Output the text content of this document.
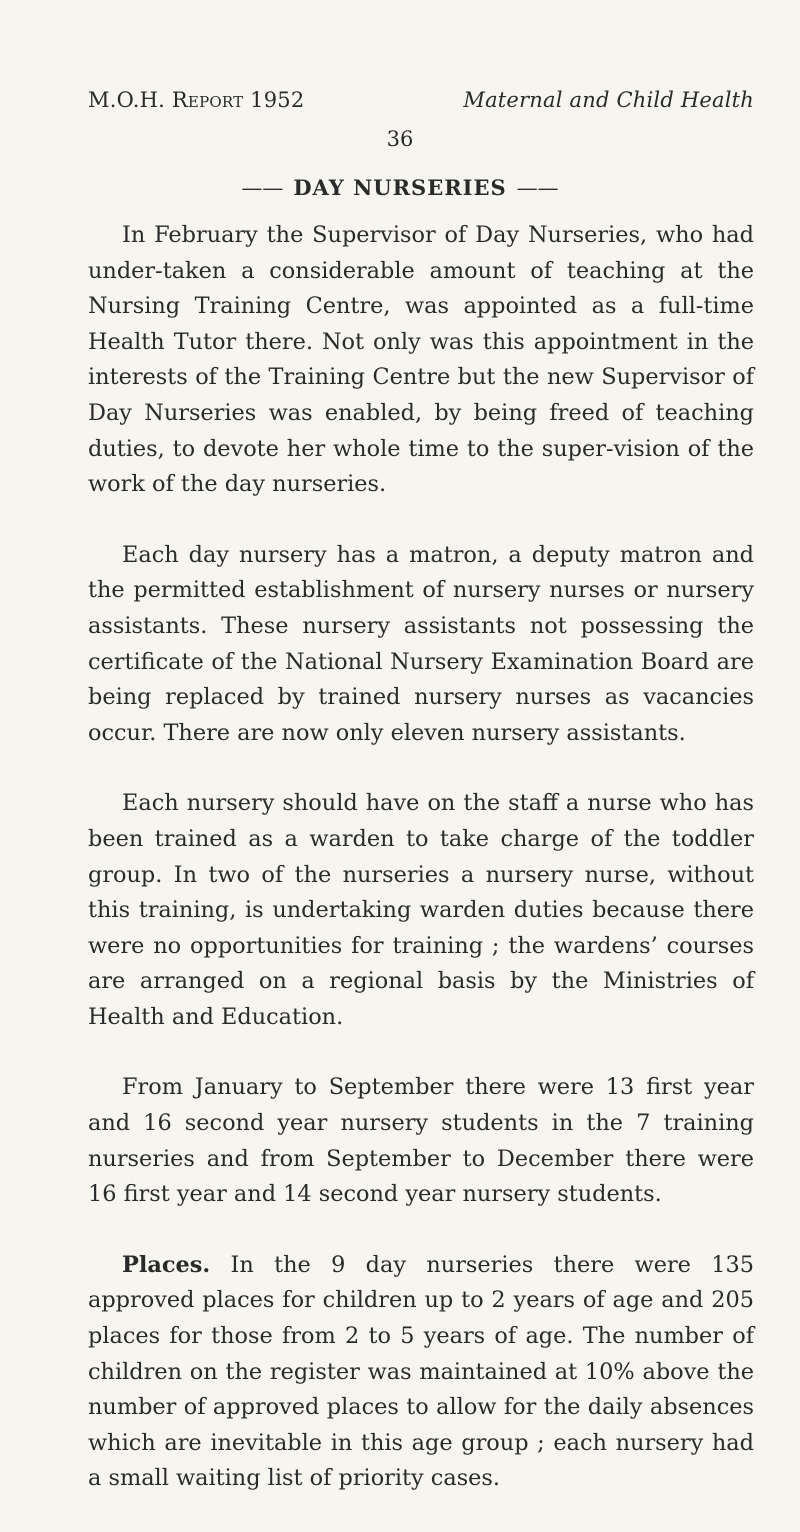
M.O.H. Report 1952	Maternal and Child Health
36
—— DAY NURSERIES ——

In February the Supervisor of Day Nurseries, who had under-taken a considerable amount of teaching at the Nursing Training Centre, was appointed as a full-time Health Tutor there. Not only was this appointment in the interests of the Training Centre but the new Supervisor of Day Nurseries was enabled, by being freed of teaching duties, to devote her whole time to the super-vision of the work of the day nurseries.

Each day nursery has a matron, a deputy matron and the permitted establishment of nursery nurses or nursery assistants. These nursery assistants not possessing the certificate of the National Nursery Examination Board are being replaced by trained nursery nurses as vacancies occur. There are now only eleven nursery assistants.

Each nursery should have on the staff a nurse who has been trained as a warden to take charge of the toddler group. In two of the nurseries a nursery nurse, without this training, is undertaking warden duties because there were no opportunities for training ; the wardens’ courses are arranged on a regional basis by the Ministries of Health and Education.

From January to September there were 13 first year and 16 second year nursery students in the 7 training nurseries and from September to December there were 16 first year and 14 second year nursery students.

Places. In the 9 day nurseries there were 135 approved places for children up to 2 years of age and 205 places for those from 2 to 5 years of age. The number of children on the register was maintained at 10% above the number of approved places to allow for the daily absences which are inevitable in this age group ; each nursery had a small waiting list of priority cases.
